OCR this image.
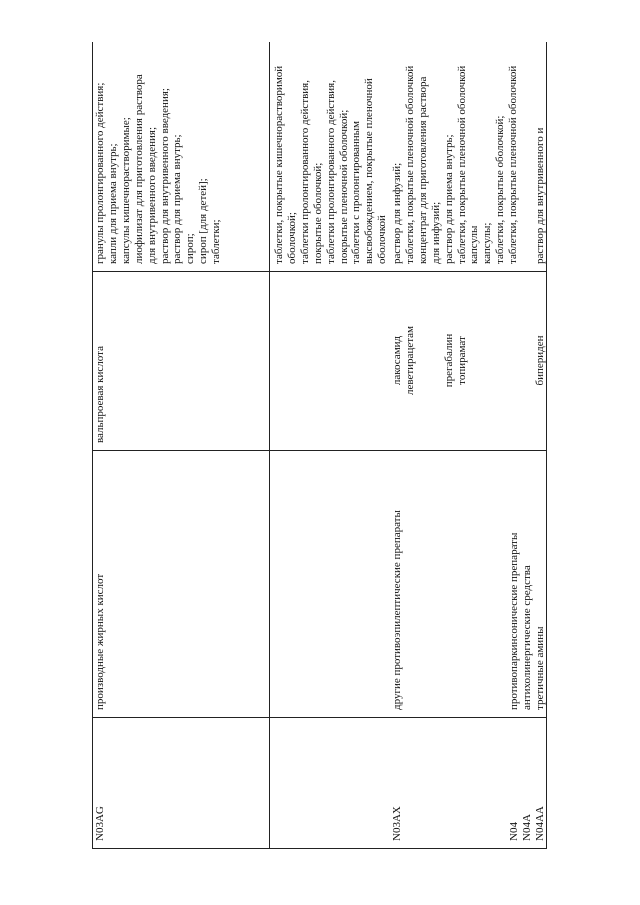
N03AG
производные жирных кислот
вальпроевая кислота
гранулы пролонгированного действия; капли для приема внутрь; капсулы кишечнорастворимые; лиофилизат для приготовления раствора для внутривенного введения; раствор для внутривенного введения; раствор для приема внутрь; сироп; сироп [для детей]; таблетки;	таблетки, покрытые кишечнорастворимой оболочкой; таблетки пролонгированного действия, покрытые оболочкой; таблетки пролонгированного действия, покрытые пленочной оболочкой; таблетки с пролонгированным высвобождением, покрытые пленочной оболочкой
N03AX
другие противоэпилептические препараты
лакосамид леветирацетам

прегабалин топирамат
раствор для инфузий; таблетки, покрытые пленочной оболочкой концентрат для приготовления раствора для инфузий; раствор для приема внутрь; таблетки, покрытые пленочной оболочкой капсулы капсулы; таблетки, покрытые оболочкой; таблетки, покрытые пленочной оболочкой
N04 N04A N04AA
противопаркинсонические препараты антихолинергические средства третичные амины
бипериден
раствор для внутривенного и
